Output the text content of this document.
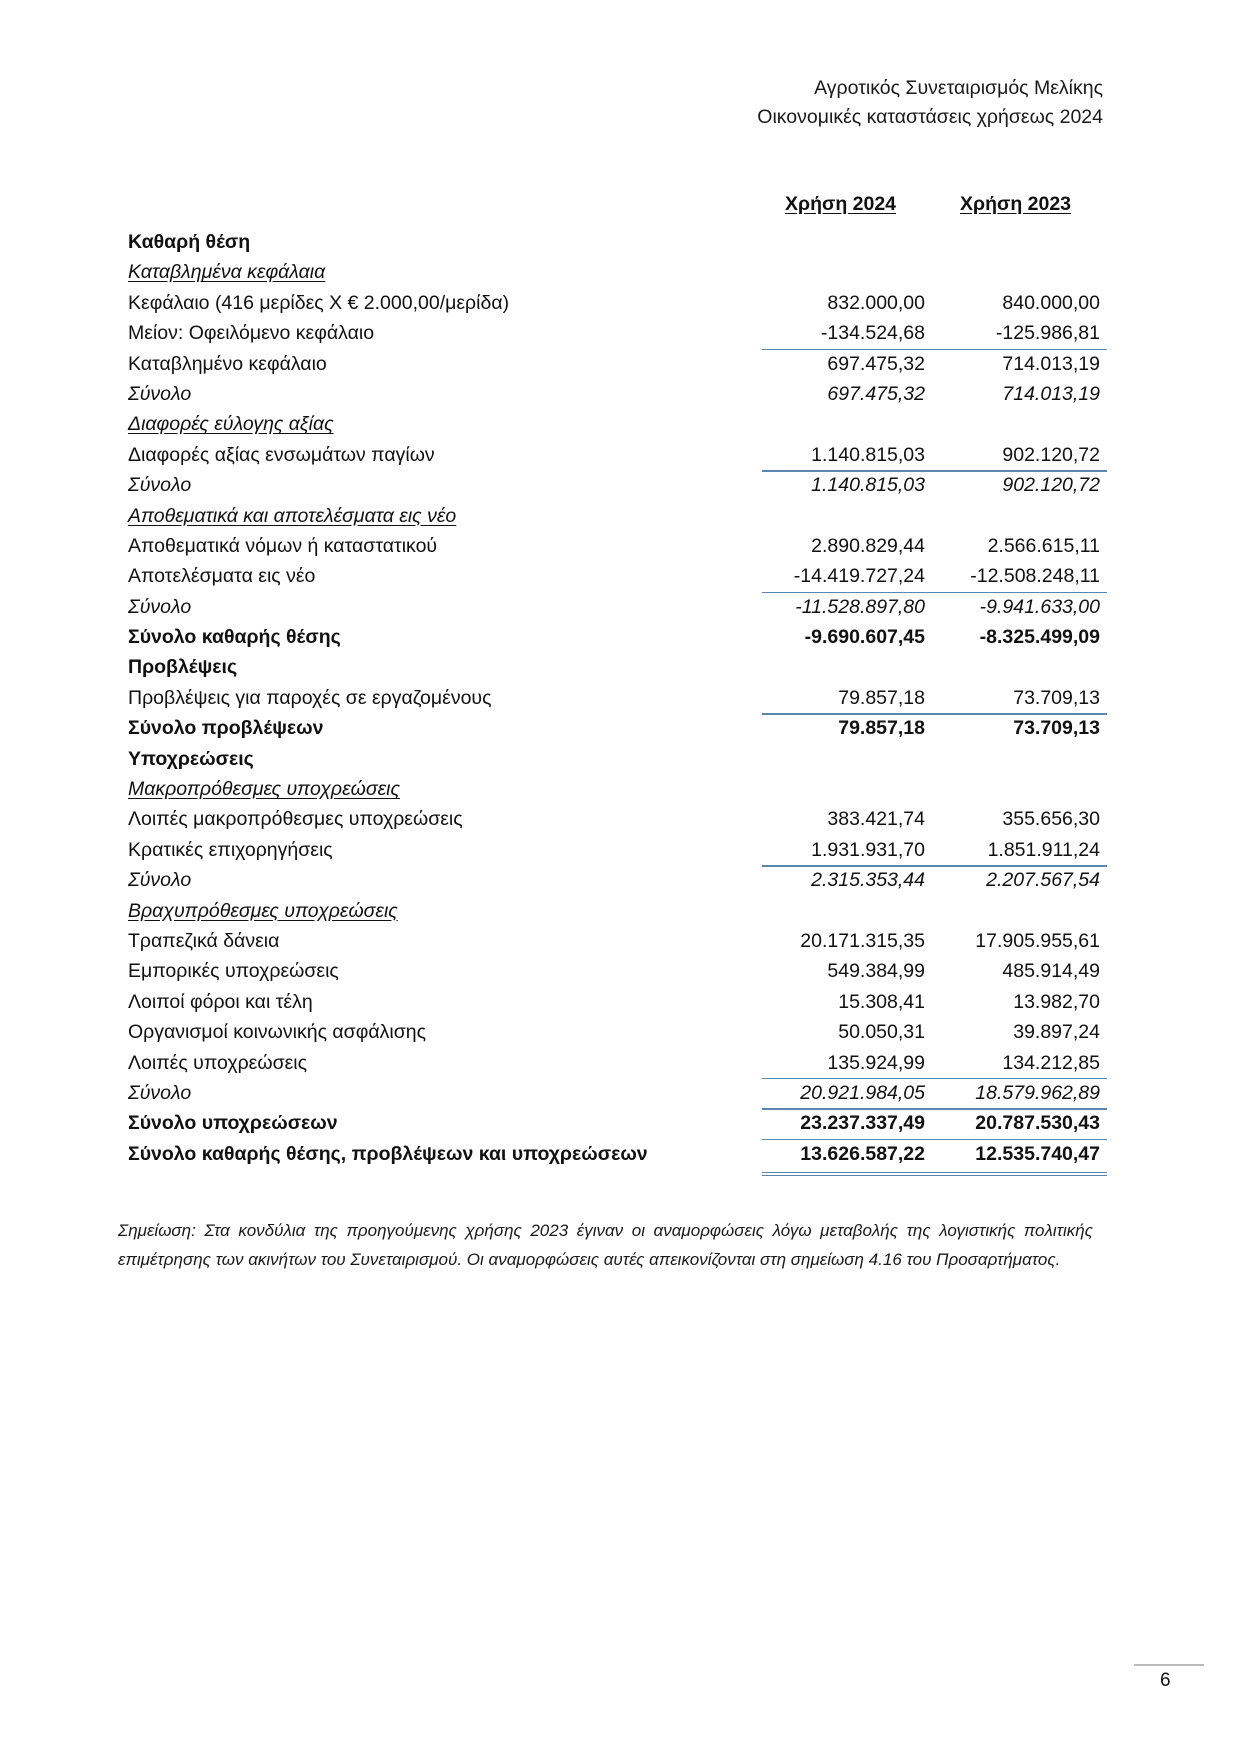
Αγροτικός Συνεταιρισμός Μελίκης
Οικονομικές καταστάσεις χρήσεως 2024
Χρήση 2024	Χρήση 2023
Καθαρή θέση
Καταβλημένα κεφάλαια
Κεφάλαιο (416 μερίδες X € 2.000,00/μερίδα)	832.000,00	840.000,00
Μείον: Οφειλόμενο κεφάλαιο	-134.524,68	-125.986,81
Καταβλημένο κεφάλαιο	697.475,32	714.013,19
Σύνολο	697.475,32	714.013,19
Διαφορές εύλογης αξίας
Διαφορές αξίας ενσωμάτων παγίων	1.140.815,03	902.120,72
Σύνολο	1.140.815,03	902.120,72
Αποθεματικά και αποτελέσματα εις νέο
Αποθεματικά νόμων ή καταστατικού	2.890.829,44	2.566.615,11
Αποτελέσματα εις νέο	-14.419.727,24 -12.508.248,11
Σύνολο	-11.528.897,80	-9.941.633,00
Σύνολο καθαρής θέσης	-9.690.607,45	-8.325.499,09
Προβλέψεις
Προβλέψεις για παροχές σε εργαζομένους	79.857,18	73.709,13
Σύνολο προβλέψεων	79.857,18	73.709,13
Υποχρεώσεις
Μακροπρόθεσμες υποχρεώσεις
Λοιπές μακροπρόθεσμες υποχρεώσεις	383.421,74	355.656,30
Κρατικές επιχορηγήσεις	1.931.931,70	1.851.911,24
Σύνολο	2.315.353,44	2.207.567,54
Βραχυπρόθεσμες υποχρεώσεις
Τραπεζικά δάνεια	20.171.315,35	17.905.955,61
Εμπορικές υποχρεώσεις	549.384,99	485.914,49
Λοιποί φόροι και τέλη	15.308,41	13.982,70
Οργανισμοί κοινωνικής ασφάλισης	50.050,31	39.897,24
Λοιπές υποχρεώσεις	135.924,99	134.212,85
Σύνολο	20.921.984,05	18.579.962,89
Σύνολο υποχρεώσεων	23.237.337,49	20.787.530,43
Σύνολο καθαρής θέσης, προβλέψεων και υποχρεώσεων	13.626.587,22	12.535.740,47
Σημείωση: Στα κονδύλια της προηγούμενης χρήσης 2023 έγιναν οι αναμορφώσεις λόγω μεταβολής της λογιστικής πολιτικής επιμέτρησης των ακινήτων του Συνεταιρισμού. Οι αναμορφώσεις αυτές απεικονίζονται στη σημείωση 4.16 του Προσαρτήματος.
6
